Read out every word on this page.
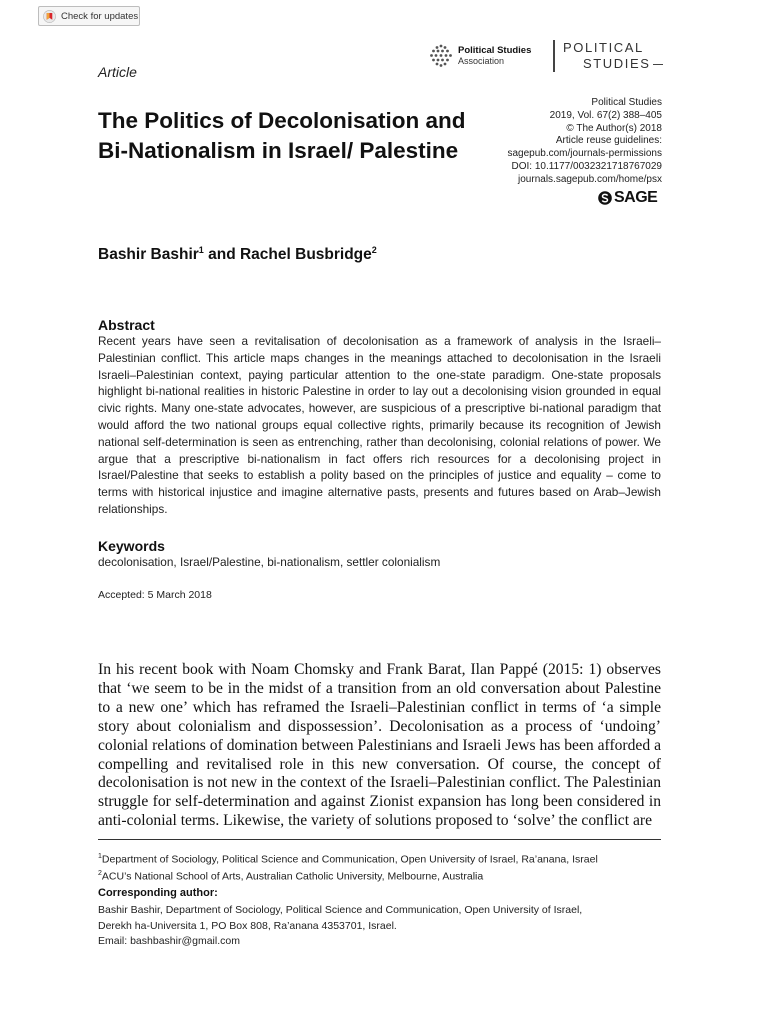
Check for updates
Political Studies
Association
POLITICAL
STUDIES
Article
The Politics of Decolonisation and Bi-Nationalism in Israel/ Palestine
Political Studies
2019, Vol. 67(2) 388–405
© The Author(s) 2018
Article reuse guidelines:
sagepub.com/journals-permissions
DOI: 10.1177/0032321718767029
journals.sagepub.com/home/psx
SAGE
Bashir Bashir$^1$ and Rachel Busbridge$^2$
Abstract

Recent years have seen a revitalisation of decolonisation as a framework of analysis in the Israeli–Palestinian conflict. This article maps changes in the meanings attached to decolonisation in the Israeli Israeli–Palestinian context, paying particular attention to the one-state paradigm. One-state proposals highlight bi-national realities in historic Palestine in order to lay out a decolonising vision grounded in equal civic rights. Many one-state advocates, however, are suspicious of a prescriptive bi-national paradigm that would afford the two national groups equal collective rights, primarily because its recognition of Jewish national self-determination is seen as entrenching, rather than decolonising, colonial relations of power. We argue that a prescriptive bi-nationalism in fact offers rich resources for a decolonising project in Israel/Palestine that seeks to establish a polity based on the principles of justice and equality – come to terms with historical injustice and imagine alternative pasts, presents and futures based on Arab–Jewish relationships.

Keywords
decolonisation, Israel/Palestine, bi-nationalism, settler colonialism
Accepted: 5 March 2018

In his recent book with Noam Chomsky and Frank Barat, Ilan Pappé (2015: 1) observes that ‘we seem to be in the midst of a transition from an old conversation about Palestine to a new one’ which has reframed the Israeli–Palestinian conflict in terms of ‘a simple story about colonialism and dispossession’. Decolonisation as a process of ‘undoing’ colonial relations of domination between Palestinians and Israeli Jews has been afforded a compelling and revitalised role in this new conversation. Of course, the concept of decolonisation is not new in the context of the Israeli–Palestinian conflict. The Palestinian struggle for self-determination and against Zionist expansion has long been considered in anti-colonial terms. Likewise, the variety of solutions proposed to ‘solve’ the conflict are

$^1$Department of Sociology, Political Science and Communication, Open University of Israel, Ra’anana, Israel
$^2$ACU’s National School of Arts, Australian Catholic University, Melbourne, Australia
Corresponding author:
Bashir Bashir, Department of Sociology, Political Science and Communication, Open University of Israel,
Derekh ha-Universita 1, PO Box 808, Ra’anana 4353701, Israel.
Email: bashbashir@gmail.com
